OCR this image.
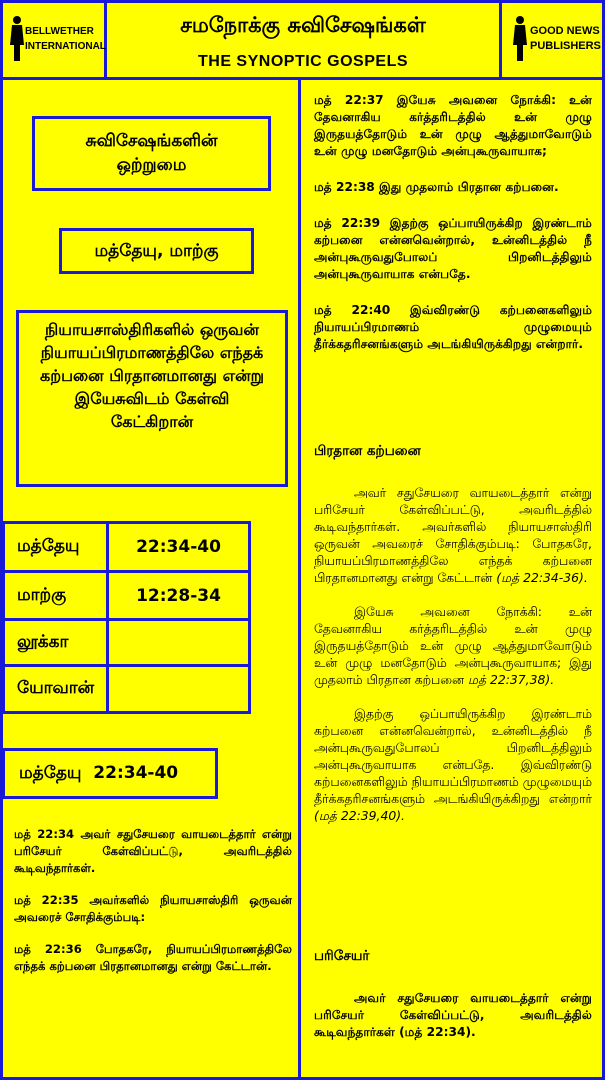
BELLWETHER
INTERNATIONAL
சமநோக்கு சுவிசேஷங்கள்
THE SYNOPTIC GOSPELS
GOOD NEWS
PUBLISHERS
சுவிசேஷங்களின் ஒற்றுமை
மத்தேயு, மாற்கு
நியாயசாஸ்திரிகளில் ஒருவன் நியாயப்பிரமாணத்திலே எந்தக் கற்பனை பிரதானமானது என்று இயேசுவிடம் கேள்வி கேட்கிறான்
மத்தேயு	22:34-40
மாற்கு	12:28-34
லூக்கா
யோவான்
மத்தேயு  22:34-40

மத் 22:34 அவர் சதுசேயரை வாயடைத்தார் என்று பரிசேயர் கேள்விப்பட்டு, அவரிடத்தில் கூடிவந்தார்கள்.

மத் 22:35 அவர்களில் நியாயசாஸ்திரி ஒருவன் அவரைச் சோதிக்கும்படி:

மத் 22:36 போதகரே, நியாயப்பிரமாணத்திலே எந்தக் கற்பனை பிரதானமானது என்று கேட்டான்.

மத் 22:37 இயேசு அவனை நோக்கி: உன் தேவனாகிய கர்த்தரிடத்தில் உன் முழு இருதயத்தோடும் உன் முழு ஆத்துமாவோடும் உன் முழு மனதோடும் அன்புகூருவாயாக;

மத் 22:38 இது முதலாம் பிரதான கற்பனை.

மத் 22:39 இதற்கு ஒப்பாயிருக்கிற இரண்டாம் கற்பனை என்னவென்றால், உன்னிடத்தில் நீ அன்புகூருவதுபோலப் பிறனிடத்திலும் அன்புகூருவாயாக என்பதே.

மத் 22:40 இவ்விரண்டு கற்பனைகளிலும் நியாயப்பிரமாணம் முழுமையும் தீர்க்கதரிசனங்களும் அடங்கியிருக்கிறது என்றார்.

பிரதான கற்பனை

அவர் சதுசேயரை வாயடைத்தார் என்று பரிசேயர் கேள்விப்பட்டு, அவரிடத்தில் கூடிவந்தார்கள். அவர்களில் நியாயசாஸ்திரி ஒருவன் அவரைச் சோதிக்கும்படி: போதகரே, நியாயப்பிரமாணத்திலே எந்தக் கற்பனை பிரதானமானது என்று கேட்டான் (மத் 22:34-36).

இயேசு அவனை நோக்கி: உன் தேவனாகிய கர்த்தரிடத்தில் உன் முழு இருதயத்தோடும் உன் முழு ஆத்துமாவோடும் உன் முழு மனதோடும் அன்புகூருவாயாக; இது முதலாம் பிரதான கற்பனை மத் 22:37,38).

இதற்கு ஒப்பாயிருக்கிற இரண்டாம் கற்பனை என்னவென்றால், உன்னிடத்தில் நீ அன்புகூருவதுபோலப் பிறனிடத்திலும் அன்புகூருவாயாக என்பதே. இவ்விரண்டு கற்பனைகளிலும் நியாயப்பிரமாணம் முழுமையும் தீர்க்கதரிசனங்களும் அடங்கியிருக்கிறது என்றார் (மத் 22:39,40).

பரிசேயர்

அவர் சதுசேயரை வாயடைத்தார் என்று பரிசேயர் கேள்விப்பட்டு, அவரிடத்தில் கூடிவந்தார்கள் (மத் 22:34).
